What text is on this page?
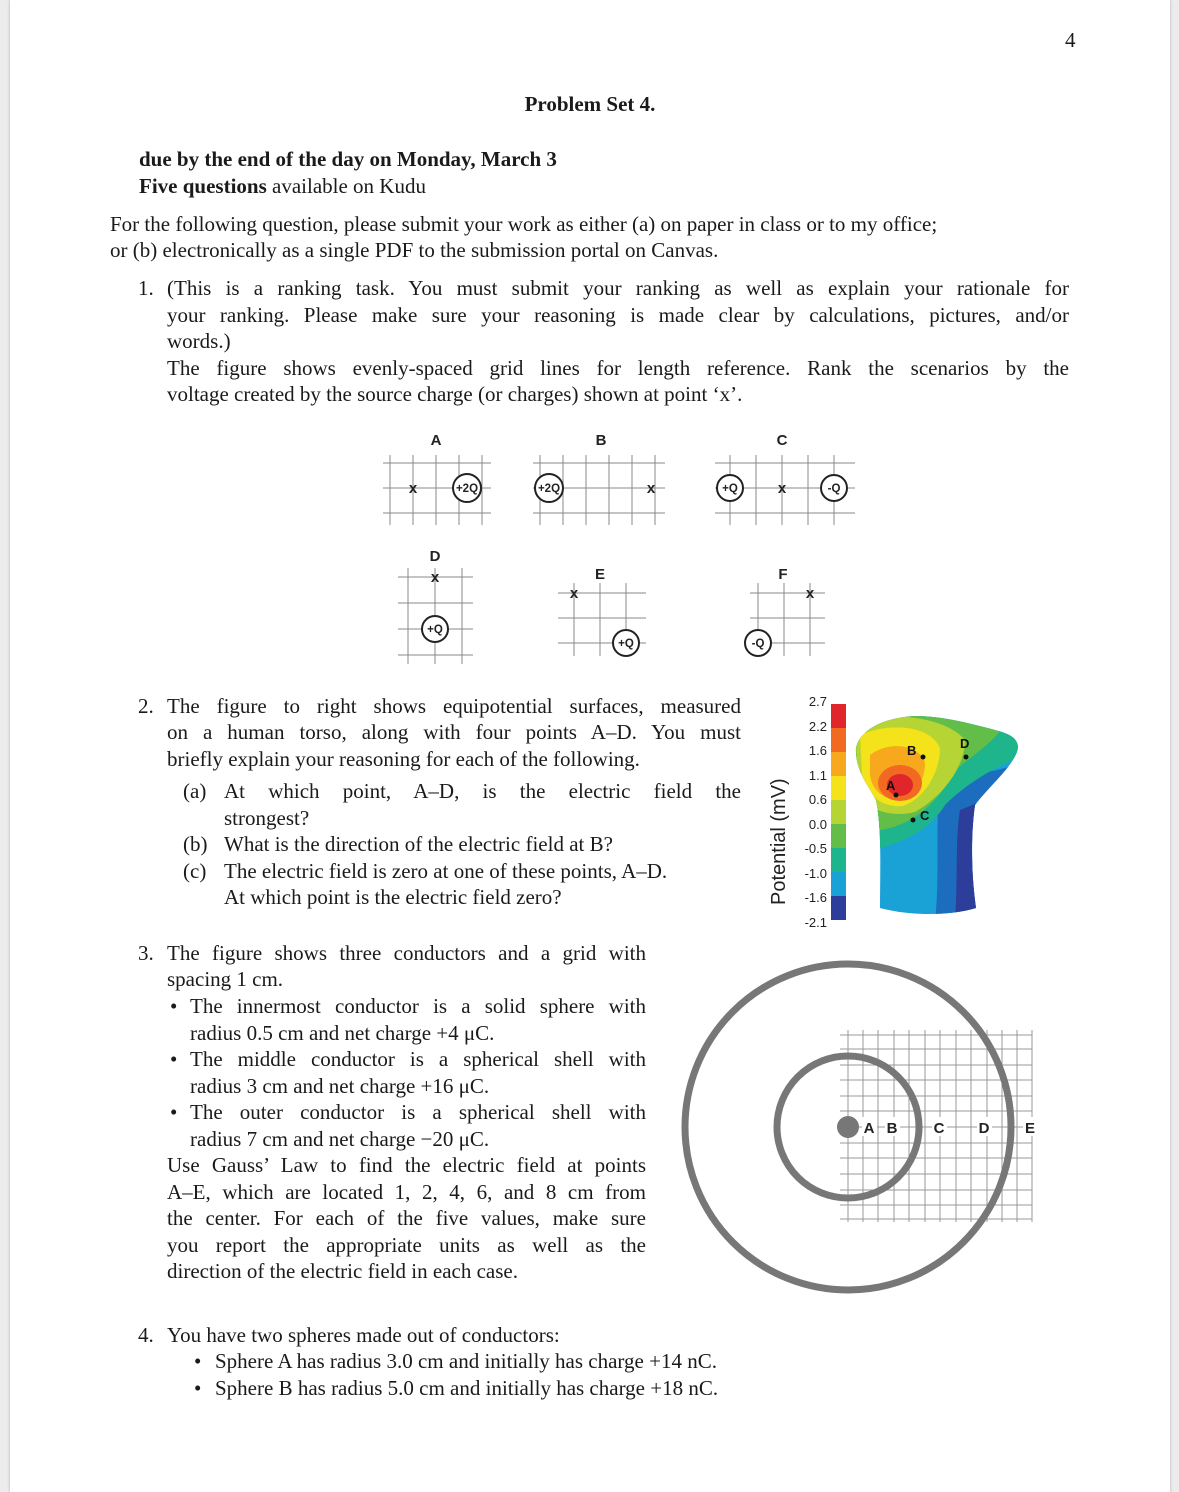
4
Problem Set 4.
due by the end of the day on Monday, March 3
Five questions available on Kudu
For the following question, please submit your work as either (a) on paper in class or to my office;
or (b) electronically as a single PDF to the submission portal on Canvas.
1. (This is a ranking task. You must submit your ranking as well as explain your rationale for
your ranking. Please make sure your reasoning is made clear by calculations, pictures, and/or
words.)
The figure shows evenly-spaced grid lines for length reference. Rank the scenarios by the
voltage created by the source charge (or charges) shown at point ‘x’.
A	B	C
D
E	F
x	x	x
x
x	x
+2Q	+2Q	+Q	-Q
+Q
+Q	-Q
2. The figure to right shows equipotential surfaces, measured
on a human torso, along with four points A–D. You must
briefly explain your reasoning for each of the following.
(a) At which point, A–D, is the electric field the
strongest?
(b) What is the direction of the electric field at B?
(c) The electric field is zero at one of these points, A–D.
At which point is the electric field zero?	Potential (mV)
2.7
2.2
1.6
1.1
0.6
0.0
-0.5
-1.0
-1.6
-2.1
A
B
C
D
3. The figure shows three conductors and a grid with
spacing 1 cm.
• The innermost conductor is a solid sphere with
radius 0.5 cm and net charge +4 μC.
• The middle conductor is a spherical shell with
radius 3 cm and net charge +16 μC.
• The outer conductor is a spherical shell with
radius 7 cm and net charge −20 μC.
Use Gauss’ Law to find the electric field at points
A–E, which are located 1, 2, 4, 6, and 8 cm from
the center. For each of the five values, make sure
you report the appropriate units as well as the
direction of the electric field in each case.
A B C D E
4. You have two spheres made out of conductors:
• Sphere A has radius 3.0 cm and initially has charge +14 nC.
• Sphere B has radius 5.0 cm and initially has charge +18 nC.
